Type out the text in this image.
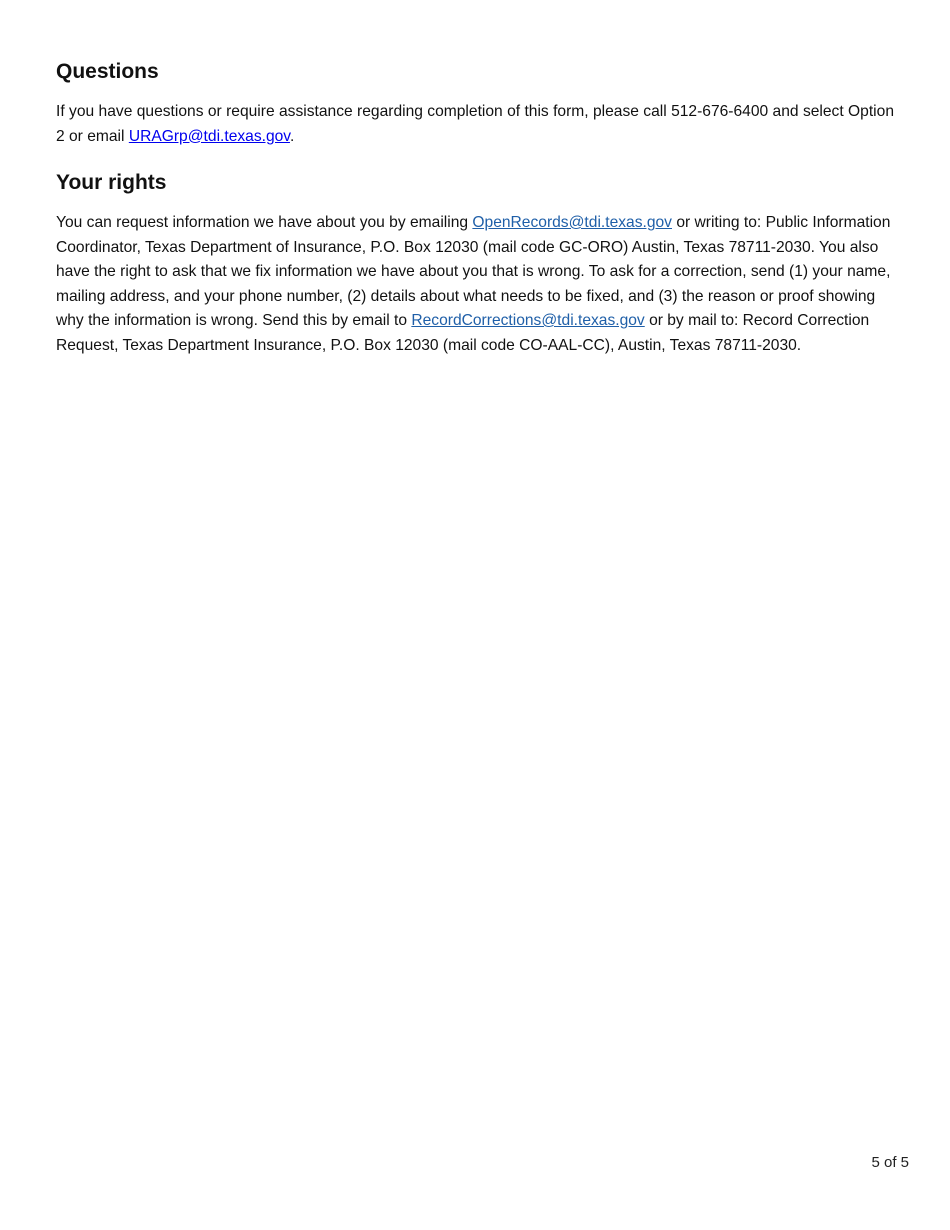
Questions

If you have questions or require assistance regarding completion of this form, please call 512-676-6400 and select Option 2 or email URAGrp@tdi.texas.gov.

Your rights

You can request information we have about you by emailing OpenRecords@tdi.texas.gov or writing to: Public Information Coordinator, Texas Department of Insurance, P.O. Box 12030 (mail code GC-ORO) Austin, Texas 78711-2030. You also have the right to ask that we fix information we have about you that is wrong. To ask for a correction, send (1) your name, mailing address, and your phone number, (2) details about what needs to be fixed, and (3) the reason or proof showing why the information is wrong. Send this by email to RecordCorrections@tdi.texas.gov or by mail to: Record Correction Request, Texas Department Insurance, P.O. Box 12030 (mail code CO-AAL-CC), Austin, Texas 78711-2030.

5 of 5
